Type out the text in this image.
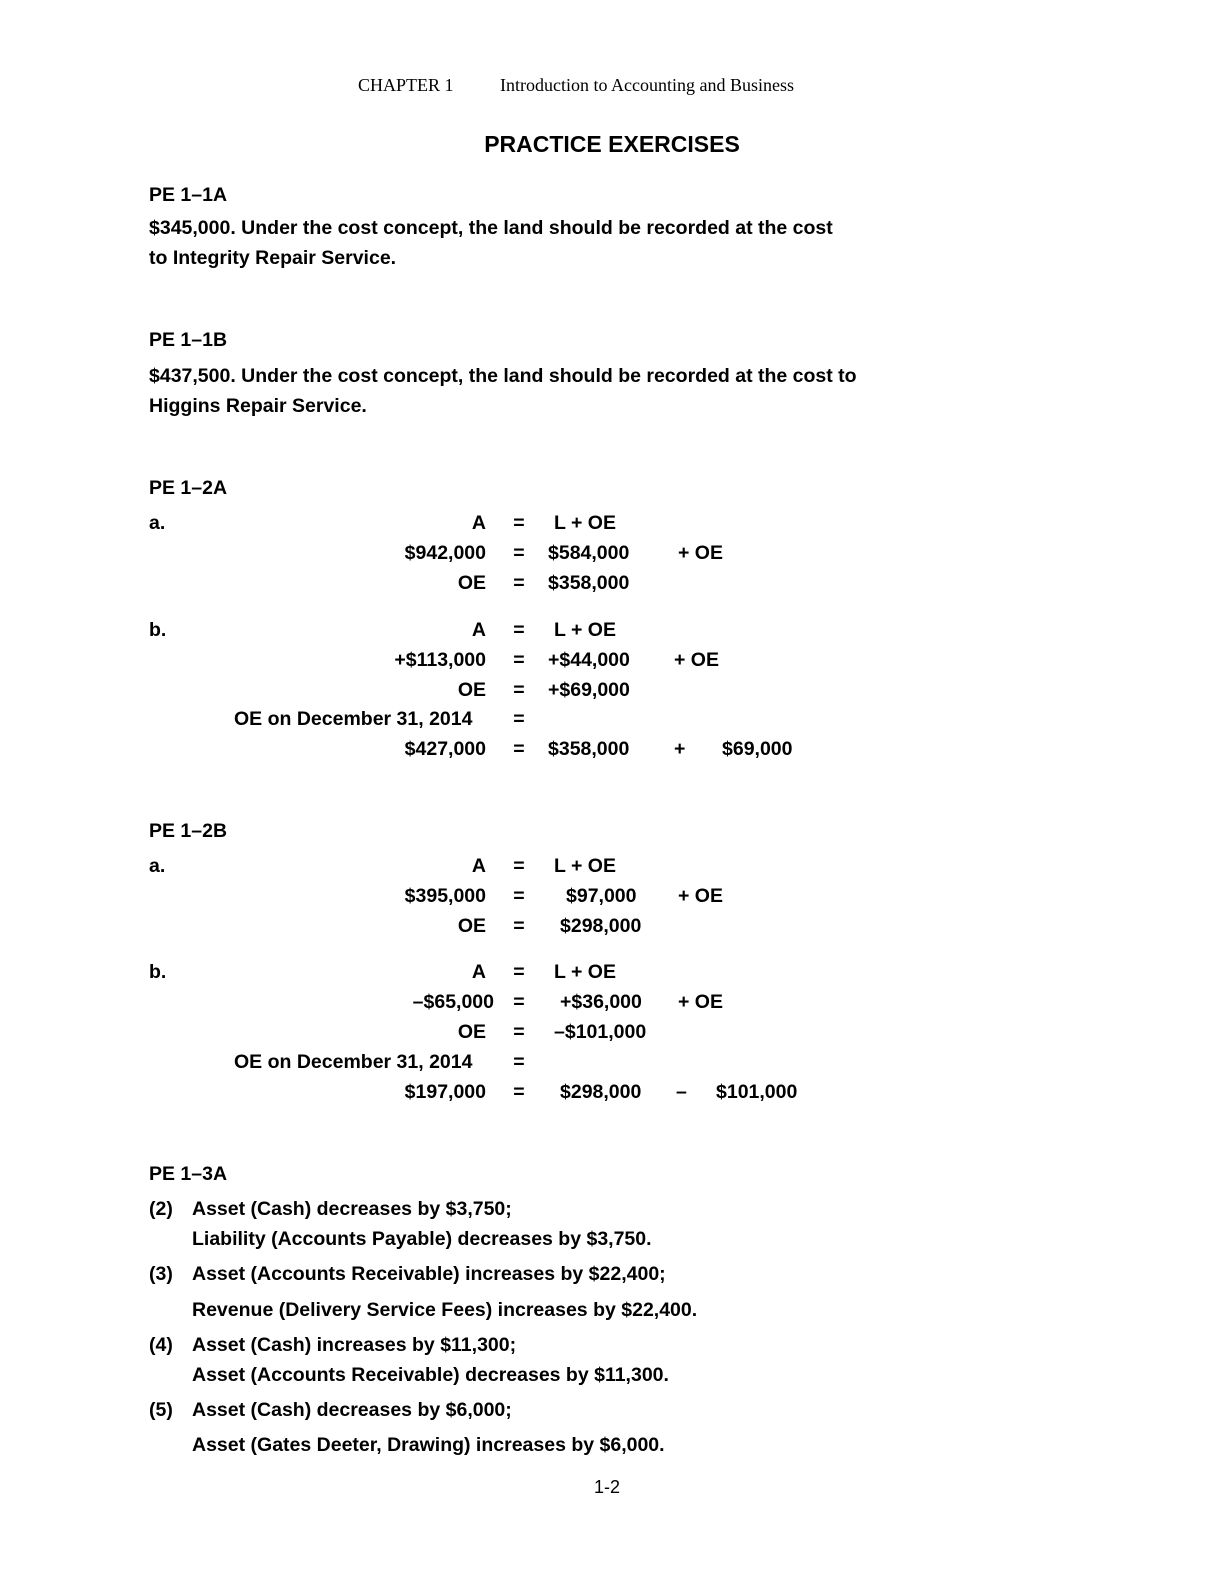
CHAPTER 1	Introduction to Accounting and Business
PRACTICE EXERCISES
PE 1–1A
$345,000. Under the cost concept, the land should be recorded at the cost
to Integrity Repair Service.
PE 1–1B
$437,500. Under the cost concept, the land should be recorded at the cost to
Higgins Repair Service.
PE 1–2A
a.	A = L + OE
$942,000 = $584,000 + OE
OE = $358,000
b.	A = L + OE
+$113,000 = +$44,000 + OE
OE = +$69,000
OE on December 31, 2014 =
$427,000 = $358,000 + $69,000
PE 1–2B
a.	A = L + OE
$395,000 = $97,000 + OE
OE = $298,000
b.	A = L + OE
–$65,000 = +$36,000 + OE
OE = –$101,000
OE on December 31, 2014 =
$197,000 = $298,000 – $101,000
PE 1–3A
(2) Asset (Cash) decreases by $3,750;
Liability (Accounts Payable) decreases by $3,750.
(3) Asset (Accounts Receivable) increases by $22,400;
Revenue (Delivery Service Fees) increases by $22,400.
(4) Asset (Cash) increases by $11,300;
Asset (Accounts Receivable) decreases by $11,300.
(5) Asset (Cash) decreases by $6,000;
Asset (Gates Deeter, Drawing) increases by $6,000.
1-2
